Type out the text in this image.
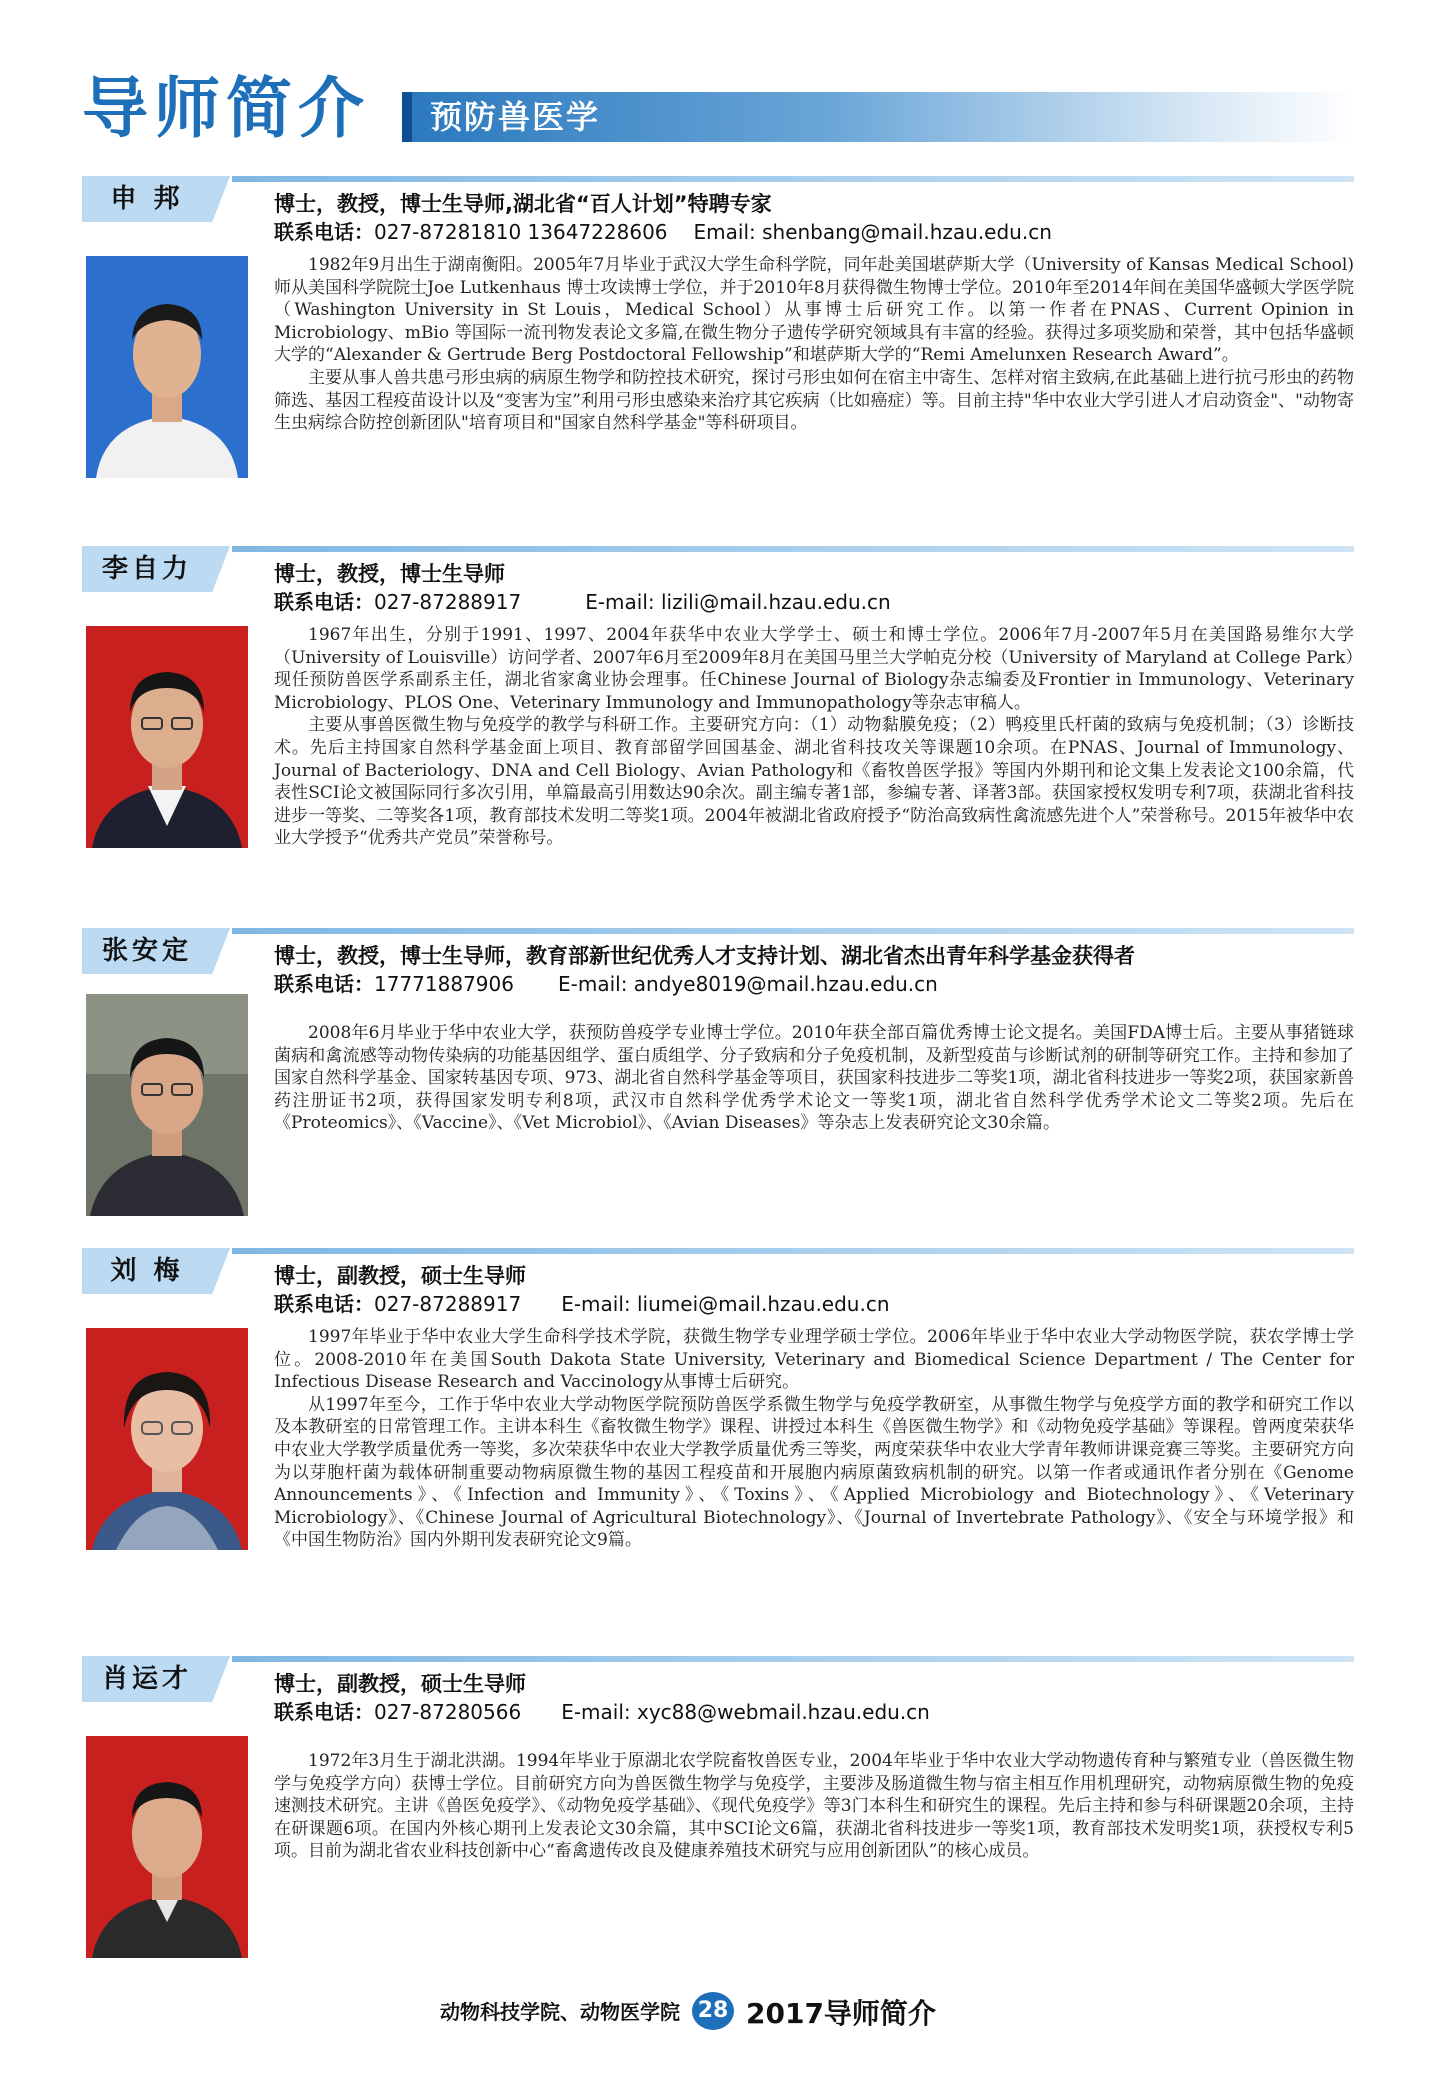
导师简介 预防兽医学
申 邦	博士，教授，博士生导师,湖北省“百人计划”特聘专家
联系电话：027-87281810 13647228606 Email: shenbang@mail.hzau.edu.cn

1982年9月出生于湖南衡阳。2005年7月毕业于武汉大学生命科学院，同年赴美国堪萨斯大学（University of Kansas Medical School)师从美国科学院院士Joe Lutkenhaus 博士攻读博士学位，并于2010年8月获得微生物博士学位。2010年至2014年间在美国华盛顿大学医学院（Washington University in St Louis，Medical School）从事博士后研究工作。以第一作者在PNAS、Current Opinion in Microbiology、mBio 等国际一流刊物发表论文多篇,在微生物分子遗传学研究领域具有丰富的经验。获得过多项奖励和荣誉，其中包括华盛顿大学的“Alexander & Gertrude Berg Postdoctoral Fellowship”和堪萨斯大学的“Remi Amelunxen Research Award”。

主要从事人兽共患弓形虫病的病原生物学和防控技术研究，探讨弓形虫如何在宿主中寄生、怎样对宿主致病,在此基础上进行抗弓形虫的药物筛选、基因工程疫苗设计以及“变害为宝”利用弓形虫感染来治疗其它疾病（比如癌症）等。目前主持"华中农业大学引进人才启动资金"、"动物寄生虫病综合防控创新团队"培育项目和"国家自然科学基金"等科研项目。

李自力	博士，教授，博士生导师
联系电话：027-87288917	E-mail: lizili@mail.hzau.edu.cn

1967年出生，分别于1991、1997、2004年获华中农业大学学士、硕士和博士学位。2006年7月-2007年5月在美国路易维尔大学（University of Louisville）访问学者、2007年6月至2009年8月在美国马里兰大学帕克分校（University of Maryland at College Park）现任预防兽医学系副系主任，湖北省家禽业协会理事。任Chinese Journal of Biology杂志编委及Frontier in Immunology、Veterinary Microbiology、PLOS One、Veterinary Immunology and Immunopathology等杂志审稿人。

主要从事兽医微生物与免疫学的教学与科研工作。主要研究方向：（1）动物黏膜免疫；（2）鸭疫里氏杆菌的致病与免疫机制；（3）诊断技术。先后主持国家自然科学基金面上项目、教育部留学回国基金、湖北省科技攻关等课题10余项。在PNAS、Journal of Immunology、Journal of Bacteriology、DNA and Cell Biology、Avian Pathology和《畜牧兽医学报》等国内外期刊和论文集上发表论文100余篇，代表性SCI论文被国际同行多次引用，单篇最高引用数达90余次。副主编专著1部，参编专著、译著3部。获国家授权发明专利7项，获湖北省科技进步一等奖、二等奖各1项，教育部技术发明二等奖1项。2004年被湖北省政府授予“防治高致病性禽流感先进个人”荣誉称号。2015年被华中农业大学授予“优秀共产党员”荣誉称号。

张安定	博士，教授，博士生导师，教育部新世纪优秀人才支持计划、湖北省杰出青年科学基金获得者
联系电话：17771887906 E-mail: andye8019@mail.hzau.edu.cn

2008年6月毕业于华中农业大学，获预防兽疫学专业博士学位。2010年获全部百篇优秀博士论文提名。美国FDA博士后。主要从事猪链球菌病和禽流感等动物传染病的功能基因组学、蛋白质组学、分子致病和分子免疫机制，及新型疫苗与诊断试剂的研制等研究工作。主持和参加了国家自然科学基金、国家转基因专项、973、湖北省自然科学基金等项目，获国家科技进步二等奖1项，湖北省科技进步一等奖2项，获国家新兽药注册证书2项，获得国家发明专利8项，武汉市自然科学优秀学术论文一等奖1项，湖北省自然科学优秀学术论文二等奖2项。先后在《Proteomics》、《Vaccine》、《Vet Microbiol》、《Avian Diseases》等杂志上发表研究论文30余篇。

刘 梅	博士，副教授，硕士生导师
联系电话：027-87288917 E-mail: liumei@mail.hzau.edu.cn

1997年毕业于华中农业大学生命科学技术学院，获微生物学专业理学硕士学位。2006年毕业于华中农业大学动物医学院，获农学博士学位。2008-2010年在美国South Dakota State University, Veterinary and Biomedical Science Department / The Center for Infectious Disease Research and Vaccinology从事博士后研究。

从1997年至今，工作于华中农业大学动物医学院预防兽医学系微生物学与免疫学教研室，从事微生物学与免疫学方面的教学和研究工作以及本教研室的日常管理工作。主讲本科生《畜牧微生物学》课程、讲授过本科生《兽医微生物学》和《动物免疫学基础》等课程。曾两度荣获华中农业大学教学质量优秀一等奖，多次荣获华中农业大学教学质量优秀三等奖，两度荣获华中农业大学青年教师讲课竞赛三等奖。主要研究方向为以芽胞杆菌为载体研制重要动物病原微生物的基因工程疫苗和开展胞内病原菌致病机制的研究。以第一作者或通讯作者分别在《Genome Announcements》、《Infection and Immunity》、《Toxins》、《Applied Microbiology and Biotechnology》、《Veterinary Microbiology》、《Chinese Journal of Agricultural Biotechnology》、《Journal of Invertebrate Pathology》、《安全与环境学报》和《中国生物防治》国内外期刊发表研究论文9篇。

肖运才	博士，副教授，硕士生导师
联系电话：027-87280566 E-mail: xyc88@webmail.hzau.edu.cn

1972年3月生于湖北洪湖。1994年毕业于原湖北农学院畜牧兽医专业，2004年毕业于华中农业大学动物遗传育种与繁殖专业（兽医微生物学与免疫学方向）获博士学位。目前研究方向为兽医微生物学与免疫学，主要涉及肠道微生物与宿主相互作用机理研究，动物病原微生物的免疫速测技术研究。主讲《兽医免疫学》、《动物免疫学基础》、《现代免疫学》等3门本科生和研究生的课程。先后主持和参与科研课题20余项，主持在研课题6项。在国内外核心期刊上发表论文30余篇，其中SCI论文6篇，获湖北省科技进步一等奖1项，教育部技术发明奖1项，获授权专利5项。目前为湖北省农业科技创新中心“畜禽遗传改良及健康养殖技术研究与应用创新团队”的核心成员。

动物科技学院、动物医学院 28 2017导师简介
